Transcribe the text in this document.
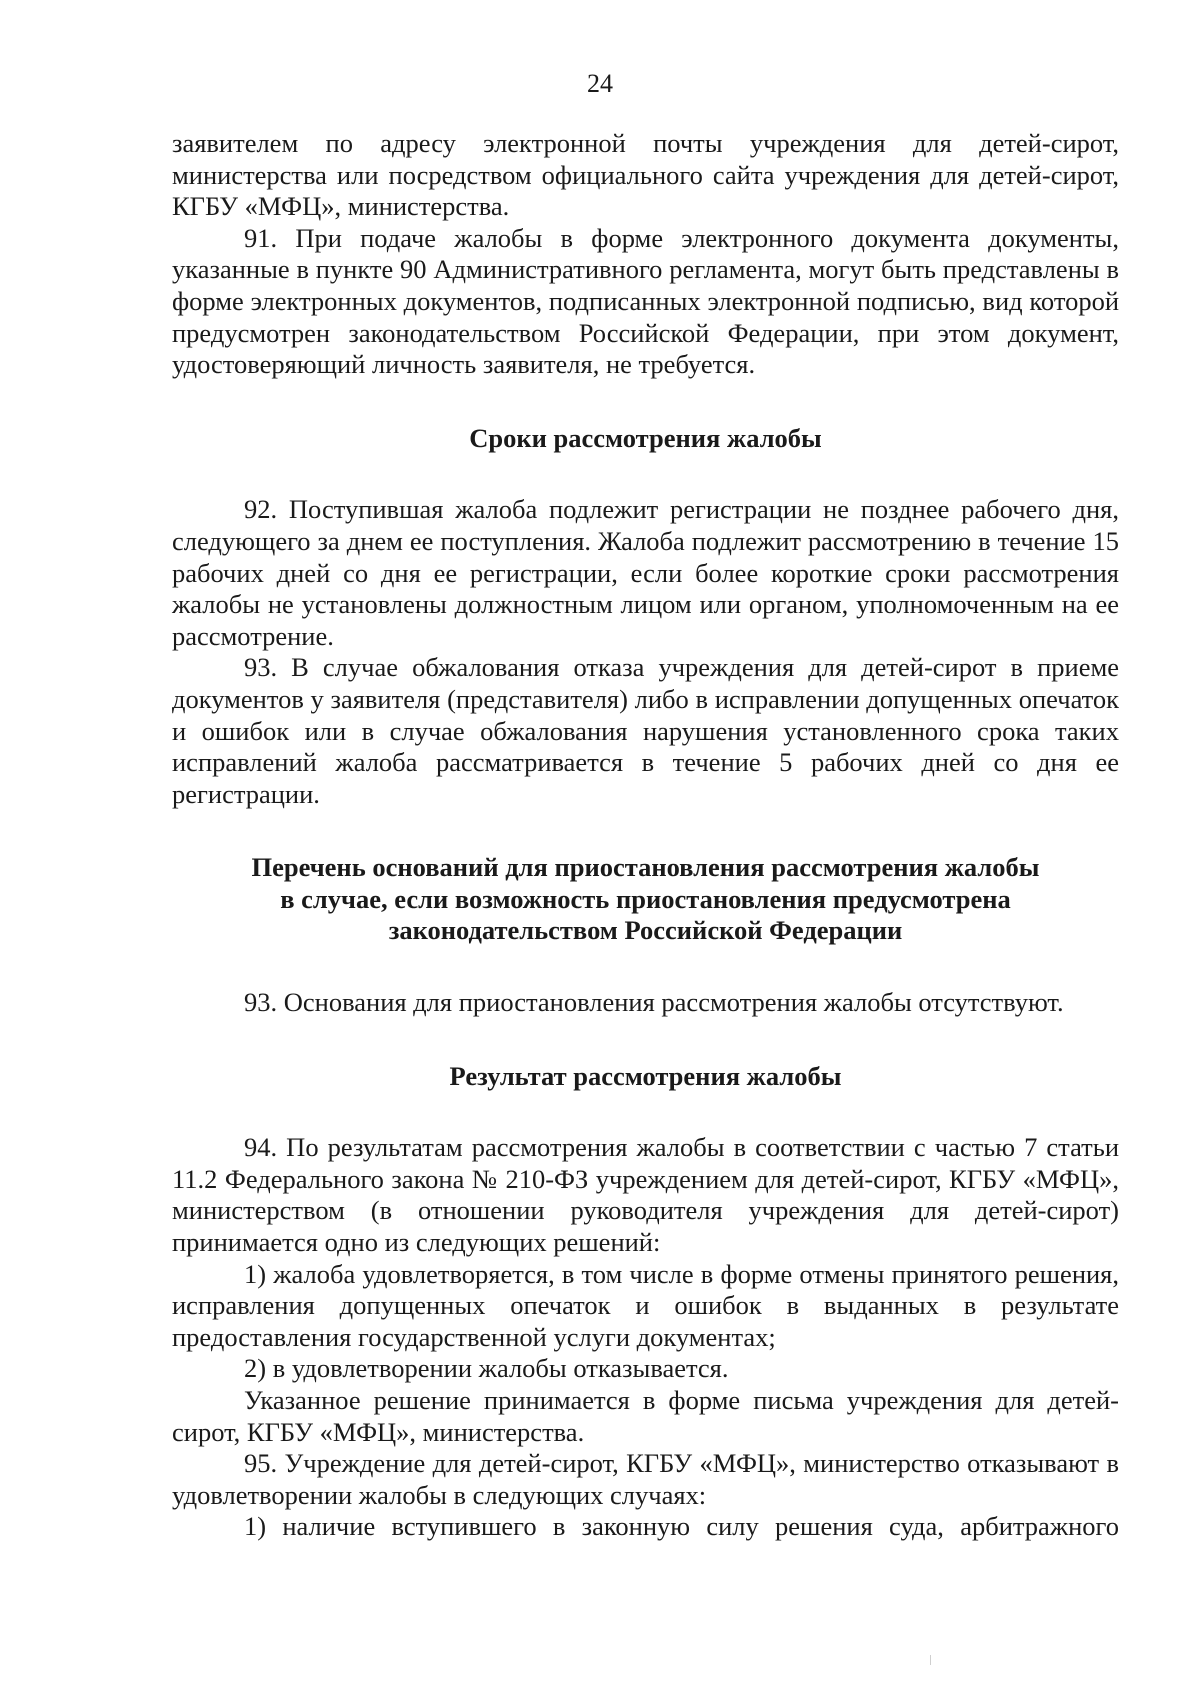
24

заявителем по адресу электронной почты учреждения для детей-сирот, министерства или посредством официального сайта учреждения для детей-сирот, КГБУ «МФЦ», министерства.

91. При подаче жалобы в форме электронного документа документы, указанные в пункте 90 Административного регламента, могут быть представлены в форме электронных документов, подписанных электронной подписью, вид которой предусмотрен законодательством Российской Федерации, при этом документ, удостоверяющий личность заявителя, не требуется.

Сроки рассмотрения жалобы

92. Поступившая жалоба подлежит регистрации не позднее рабочего дня, следующего за днем ее поступления. Жалоба подлежит рассмотрению в течение 15 рабочих дней со дня ее регистрации, если более короткие сроки рассмотрения жалобы не установлены должностным лицом или органом, уполномоченным на ее рассмотрение.

93. В случае обжалования отказа учреждения для детей-сирот в приеме документов у заявителя (представителя) либо в исправлении допущенных опечаток и ошибок или в случае обжалования нарушения установленного срока таких исправлений жалоба рассматривается в течение 5 рабочих дней со дня ее регистрации.

Перечень оснований для приостановления рассмотрения жалобы
в случае, если возможность приостановления предусмотрена
законодательством Российской Федерации

93. Основания для приостановления рассмотрения жалобы отсутствуют.

Результат рассмотрения жалобы

94. По результатам рассмотрения жалобы в соответствии с частью 7 статьи 11.2 Федерального закона № 210-ФЗ учреждением для детей-сирот, КГБУ «МФЦ», министерством (в отношении руководителя учреждения для детей-сирот) принимается одно из следующих решений:

1) жалоба удовлетворяется, в том числе в форме отмены принятого решения, исправления допущенных опечаток и ошибок в выданных в результате предоставления государственной услуги документах;

2) в удовлетворении жалобы отказывается.

Указанное решение принимается в форме письма учреждения для детей-сирот, КГБУ «МФЦ», министерства.

95. Учреждение для детей-сирот, КГБУ «МФЦ», министерство отказывают в удовлетворении жалобы в следующих случаях:

1) наличие вступившего в законную силу решения суда, арбитражного
